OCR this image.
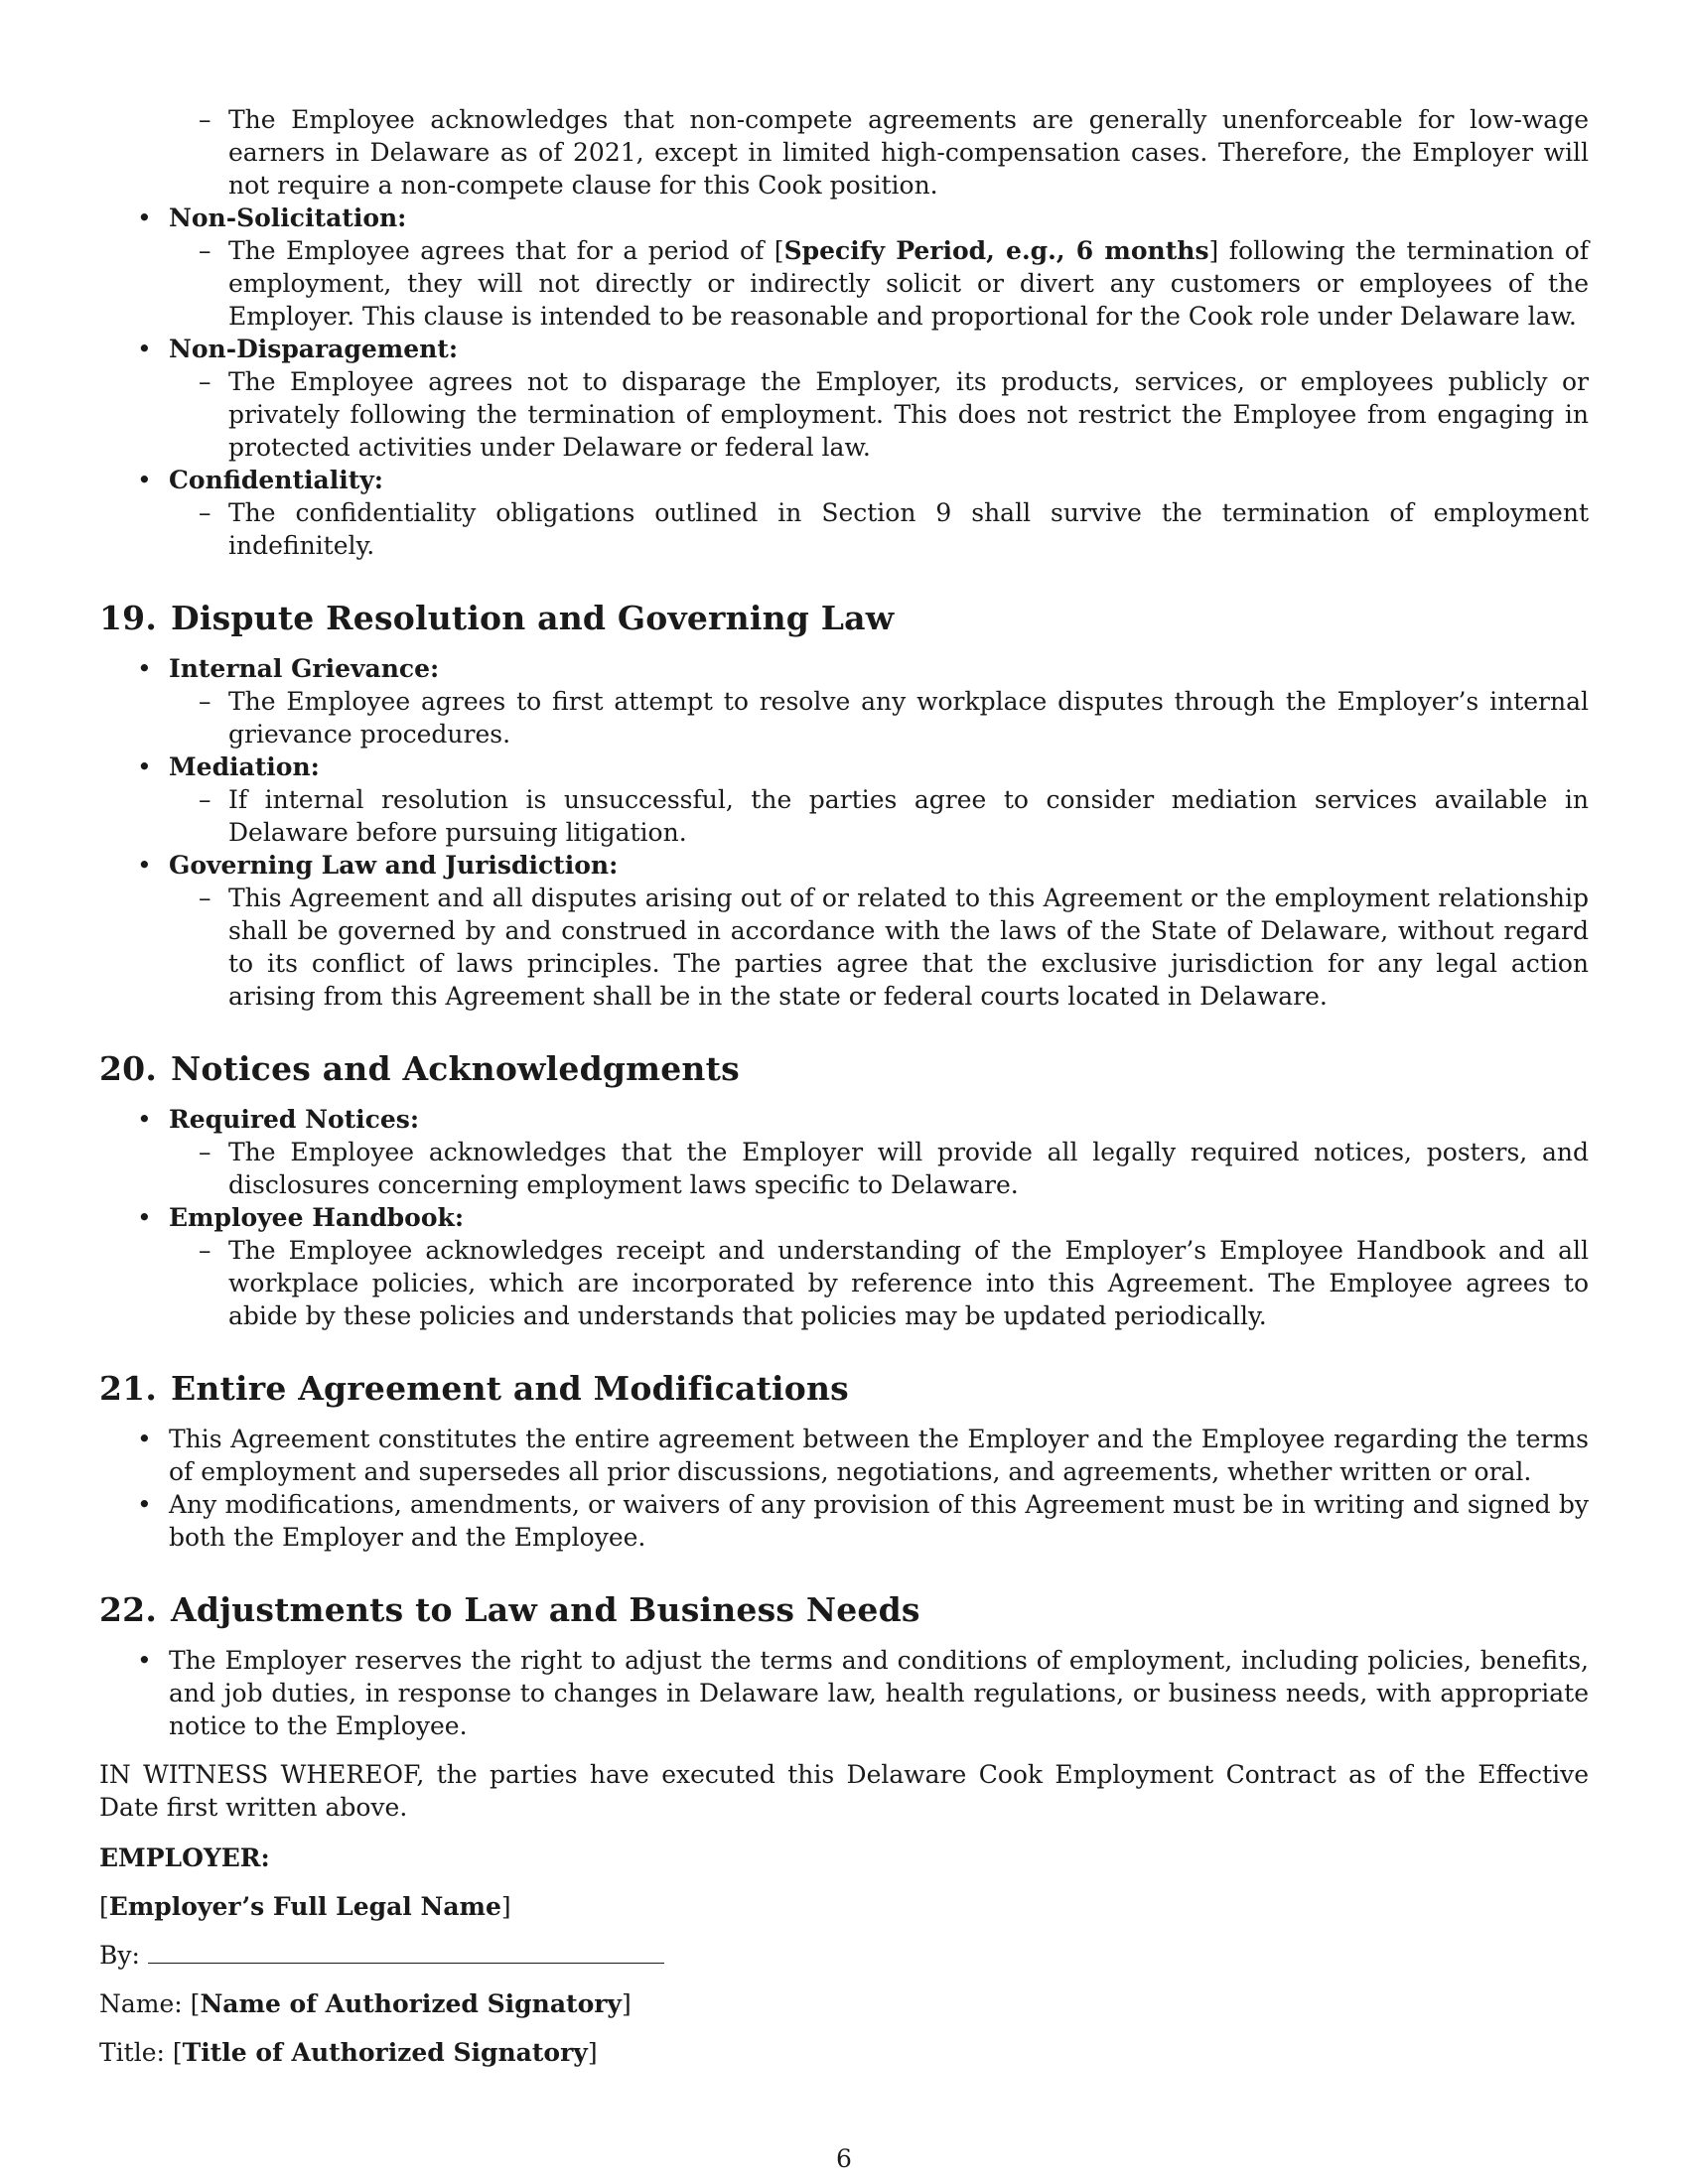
– The Employee acknowledges that non-compete agreements are generally unenforceable for low-wage earners in Delaware as of 2021, except in limited high-compensation cases. Therefore, the Employer will not require a non-compete clause for this Cook position.
• Non-Solicitation:
– The Employee agrees that for a period of [Specify Period, e.g., 6 months] following the termination of employment, they will not directly or indirectly solicit or divert any customers or employees of the Employer. This clause is intended to be reasonable and proportional for the Cook role under Delaware law.
• Non-Disparagement:
– The Employee agrees not to disparage the Employer, its products, services, or employees publicly or privately following the termination of employment. This does not restrict the Employee from engaging in protected activities under Delaware or federal law.
• Confidentiality:
– The confidentiality obligations outlined in Section 9 shall survive the termination of employment indefinitely.
19. Dispute Resolution and Governing Law
• Internal Grievance:
– The Employee agrees to first attempt to resolve any workplace disputes through the Employer’s internal grievance procedures.
• Mediation:
– If internal resolution is unsuccessful, the parties agree to consider mediation services available in Delaware before pursuing litigation.
• Governing Law and Jurisdiction:
– This Agreement and all disputes arising out of or related to this Agreement or the employment relationship shall be governed by and construed in accordance with the laws of the State of Delaware, without regard to its conflict of laws principles. The parties agree that the exclusive jurisdiction for any legal action arising from this Agreement shall be in the state or federal courts located in Delaware.
20. Notices and Acknowledgments
• Required Notices:
– The Employee acknowledges that the Employer will provide all legally required notices, posters, and disclosures concerning employment laws specific to Delaware.
• Employee Handbook:
– The Employee acknowledges receipt and understanding of the Employer’s Employee Handbook and all workplace policies, which are incorporated by reference into this Agreement. The Employee agrees to abide by these policies and understands that policies may be updated periodically.
21. Entire Agreement and Modifications
• This Agreement constitutes the entire agreement between the Employer and the Employee regarding the terms of employment and supersedes all prior discussions, negotiations, and agreements, whether written or oral.
• Any modifications, amendments, or waivers of any provision of this Agreement must be in writing and signed by both the Employer and the Employee.
22. Adjustments to Law and Business Needs
• The Employer reserves the right to adjust the terms and conditions of employment, including policies, benefits, and job duties, in response to changes in Delaware law, health regulations, or business needs, with appropriate notice to the Employee.
IN WITNESS WHEREOF, the parties have executed this Delaware Cook Employment Contract as of the Effective Date first written above.
EMPLOYER:
[Employer’s Full Legal Name]
By:
Name: [Name of Authorized Signatory]
Title: [Title of Authorized Signatory]
6
